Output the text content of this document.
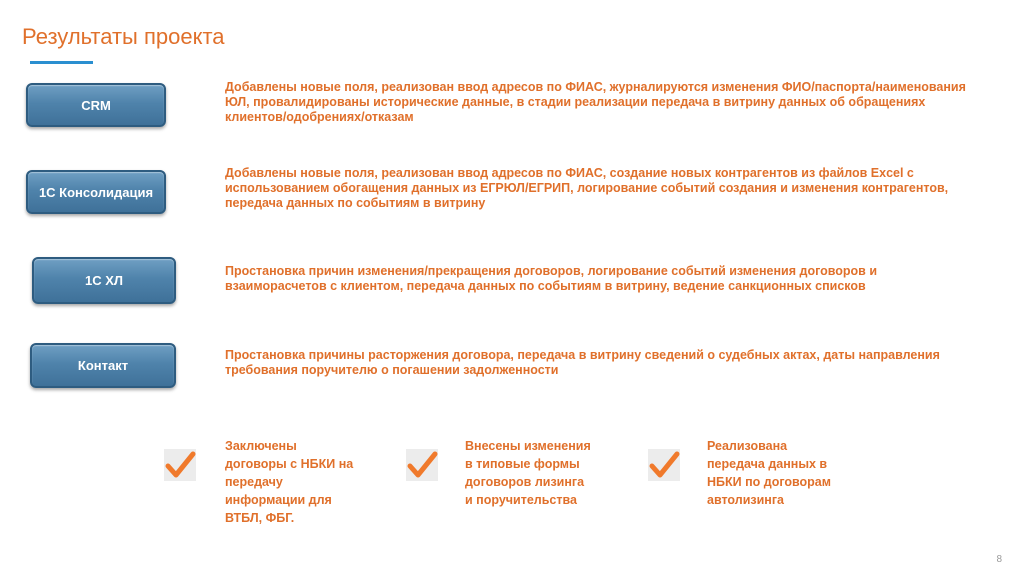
Результаты проекта
CRM
Добавлены новые поля, реализован ввод адресов по ФИАС, журналируются изменения ФИО/паспорта/наименования ЮЛ, провалидированы исторические данные, в стадии реализации передача в витрину данных об обращениях клиентов/одобрениях/отказам
1С Консолидация
Добавлены новые поля, реализован ввод адресов по ФИАС, создание новых контрагентов из файлов Excel с использованием обогащения данных из ЕГРЮЛ/ЕГРИП, логирование событий создания и изменения контрагентов, передача данных по событиям в витрину
1С ХЛ
Простановка причин изменения/прекращения договоров, логирование событий изменения договоров и взаиморасчетов с клиентом, передача данных по событиям в витрину, ведение санкционных списков
Контакт
Простановка причины расторжения договора, передача в витрину сведений о судебных актах, даты направления требования поручителю о погашении задолженности
Заключены
договоры с НБКИ на
передачу
информации для
ВТБЛ, ФБГ.
Внесены изменения
в типовые формы
договоров лизинга
и поручительства
Реализована
передача данных в
НБКИ по договорам
автолизинга
8
